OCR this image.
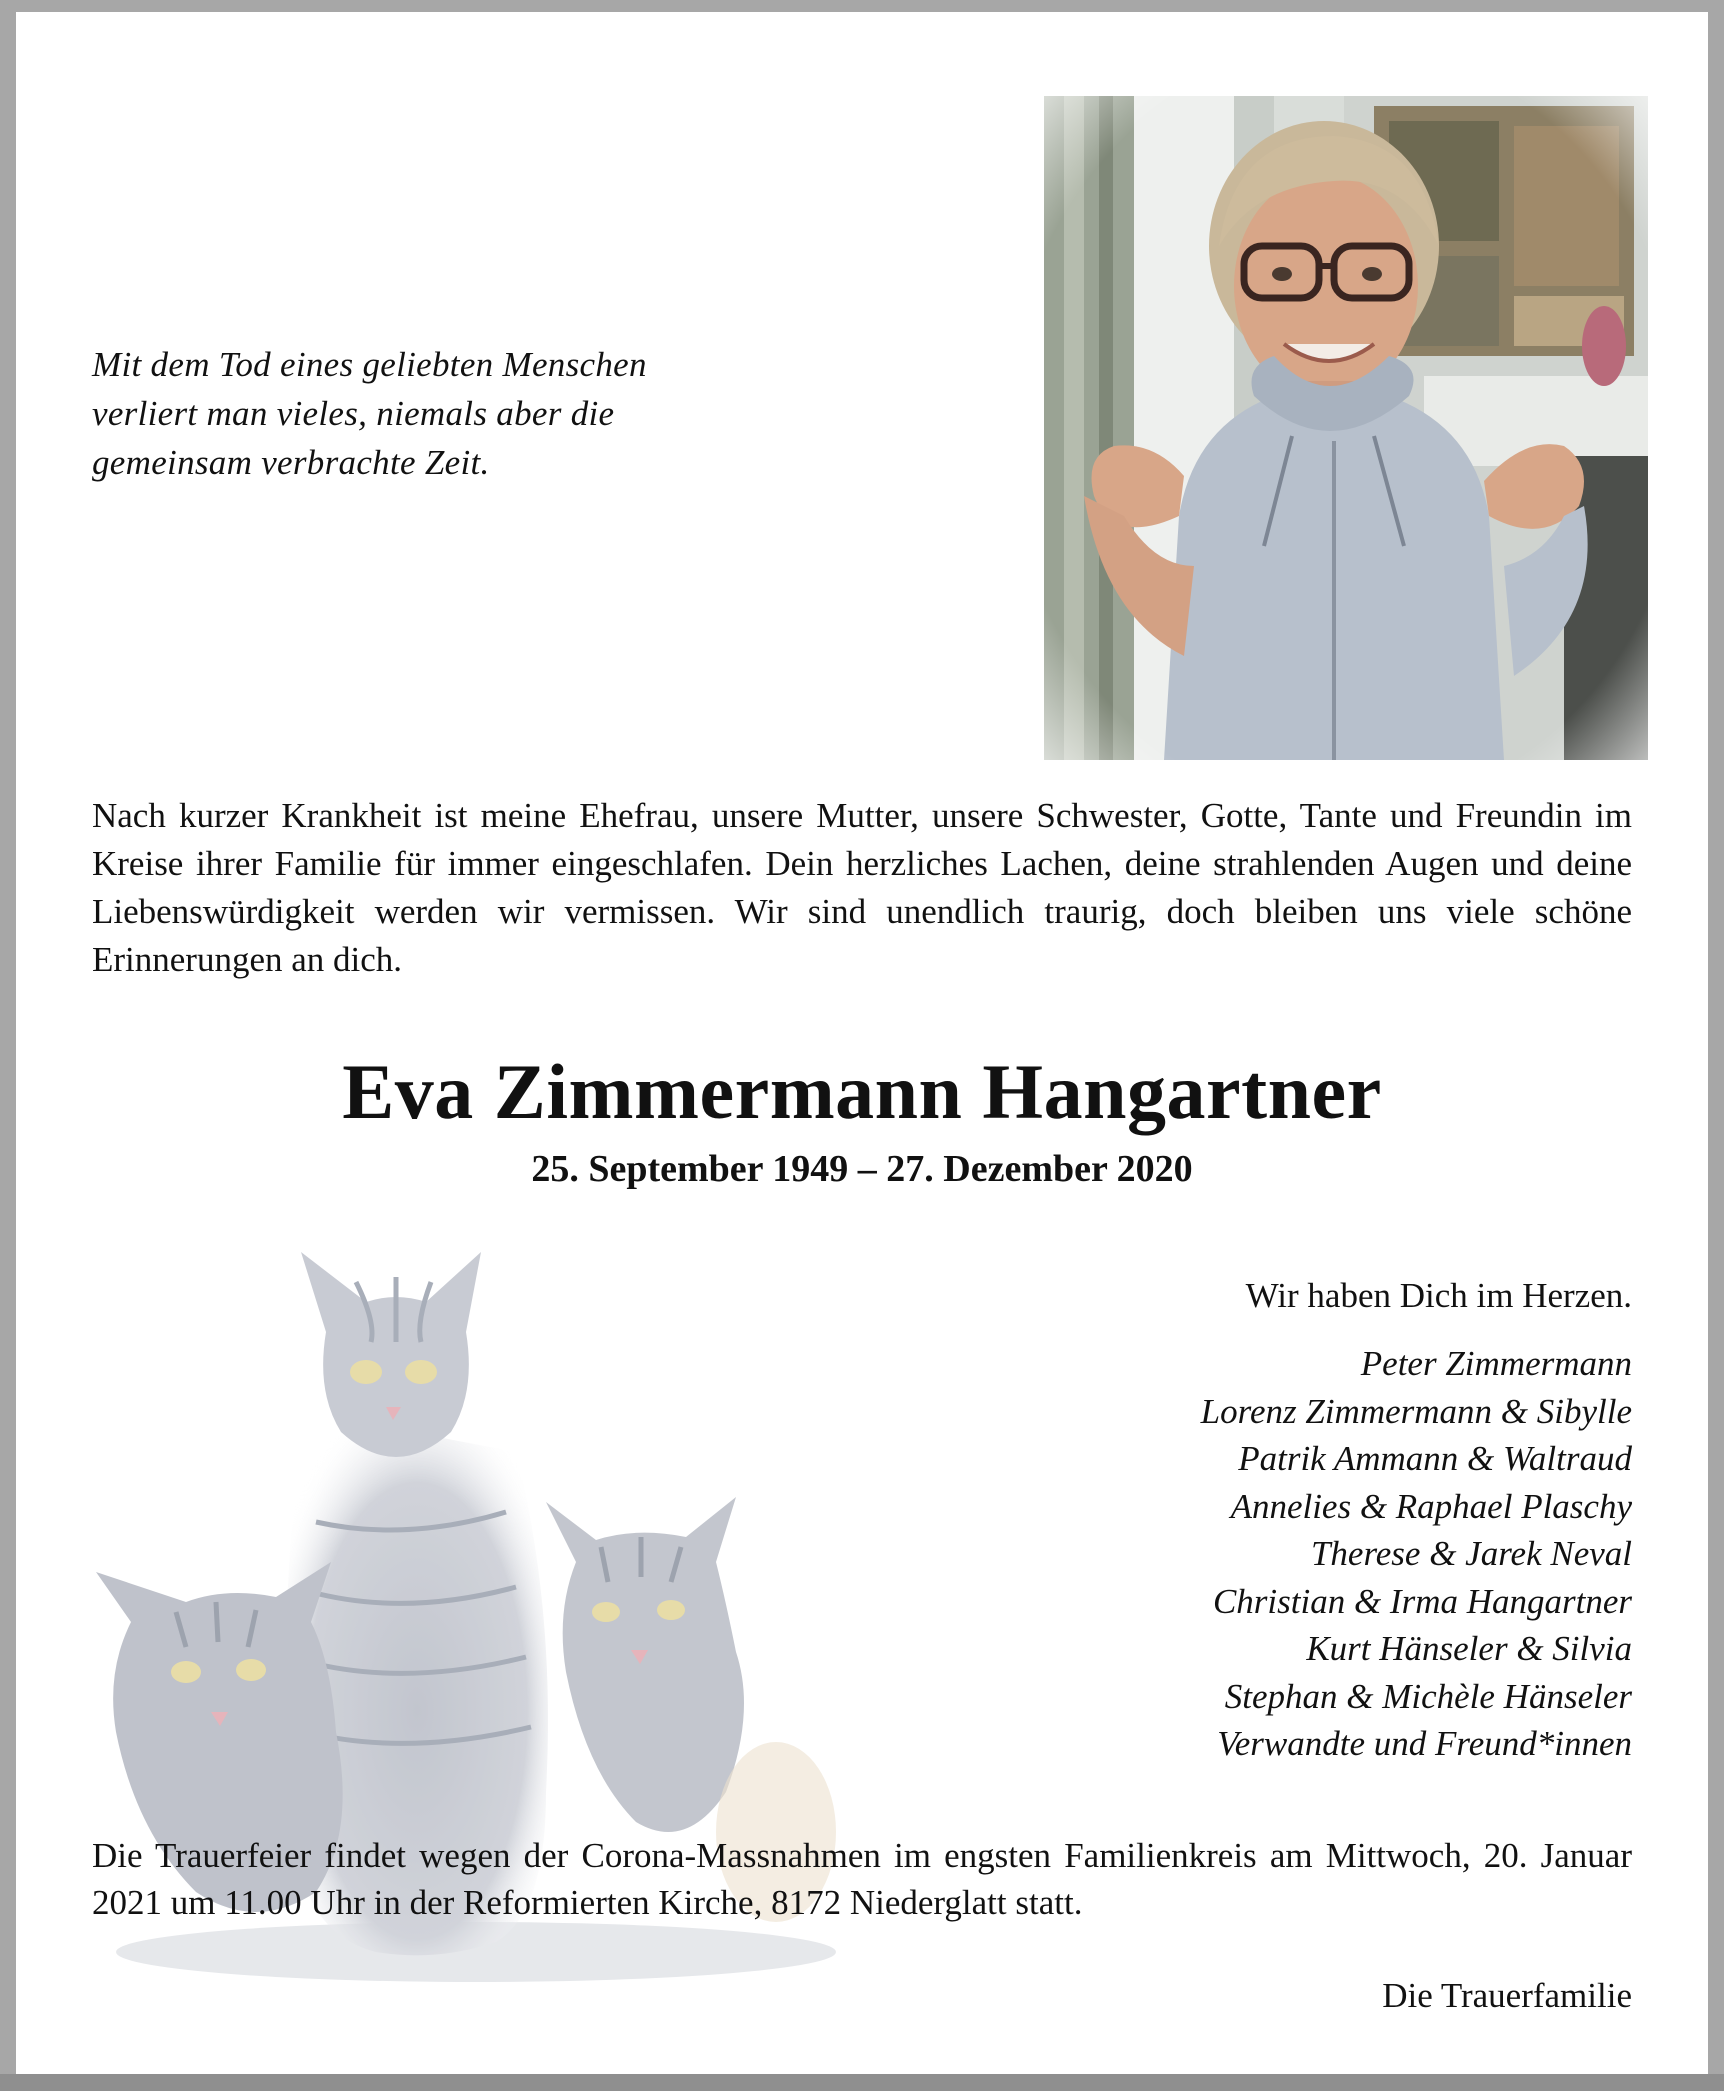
Mit dem Tod eines geliebten Menschen
verliert man vieles, niemals aber die
gemeinsam verbrachte Zeit.
Nach kurzer Krankheit ist meine Ehefrau, unsere Mutter, unsere Schwester, Gotte, Tante und Freundin im Kreise ihrer Familie für immer eingeschlafen. Dein herzliches Lachen, deine strahlenden Augen und deine Liebenswürdigkeit werden wir vermissen. Wir sind unendlich traurig, doch bleiben uns viele schöne Erinnerungen an dich.
Eva Zimmermann Hangartner
25. September 1949 – 27. Dezember 2020
Wir haben Dich im Herzen.
Peter Zimmermann
Lorenz Zimmermann & Sibylle
Patrik Ammann & Waltraud
Annelies & Raphael Plaschy
Therese & Jarek Neval
Christian & Irma Hangartner
Kurt Hänseler & Silvia
Stephan & Michèle Hänseler
Verwandte und Freund*innen
Die Trauerfeier findet wegen der Corona-Massnahmen im engsten Familienkreis am Mittwoch, 20. Januar 2021 um 11.00 Uhr in der Reformierten Kirche, 8172 Niederglatt statt.
Die Trauerfamilie
